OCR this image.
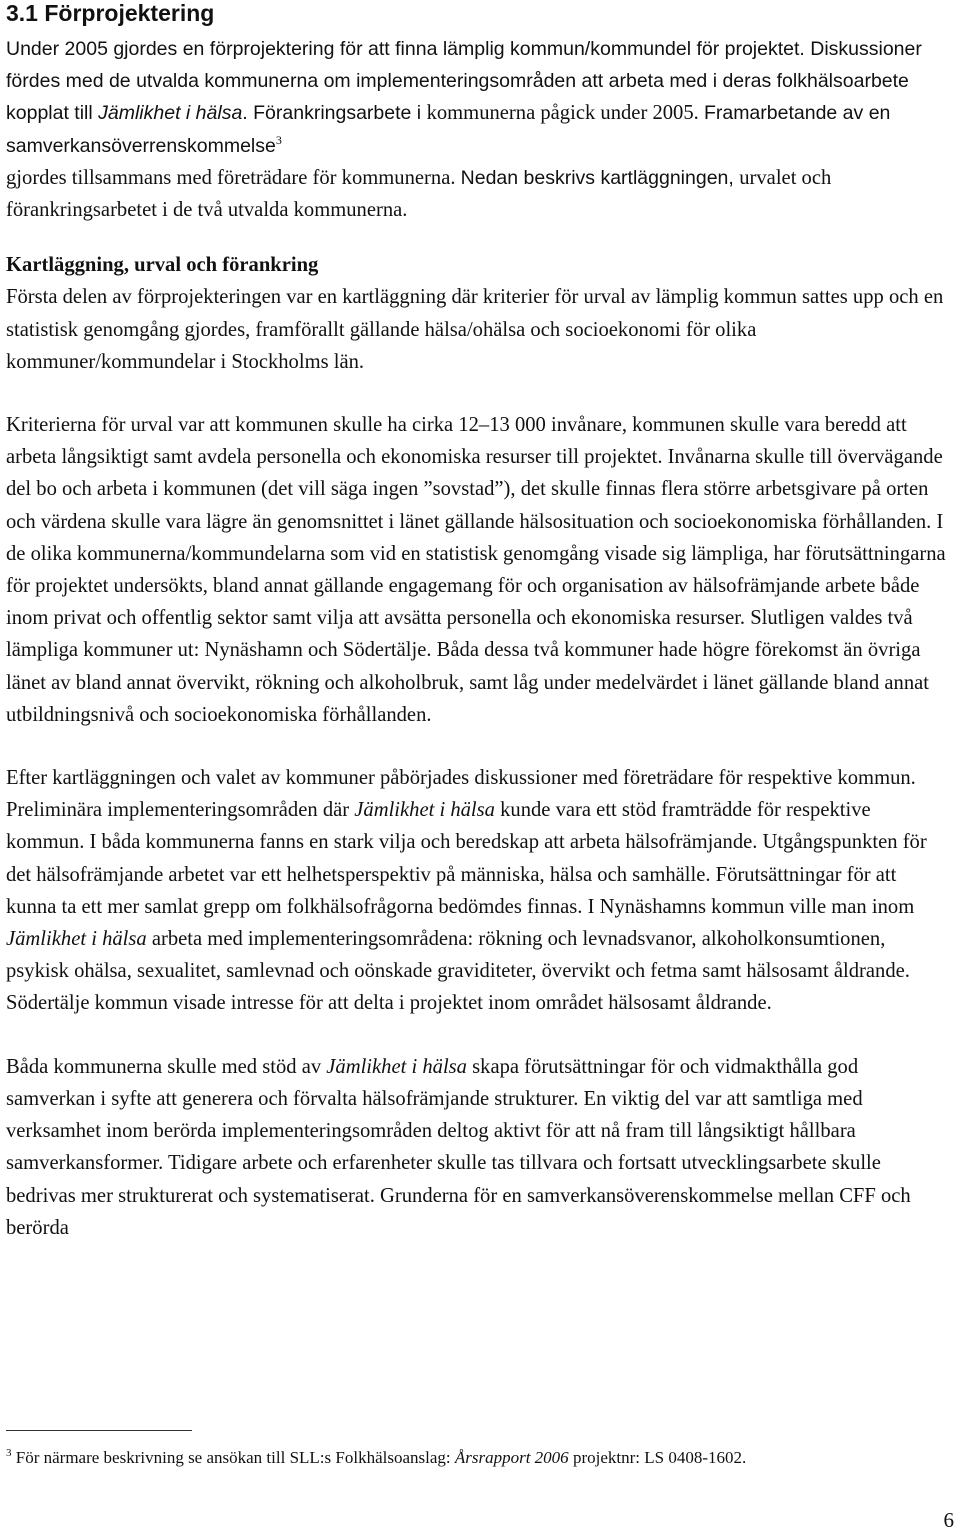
3.1 Förprojektering

Under 2005 gjordes en förprojektering för att finna lämplig kommun/kommundel för projektet. Diskussioner fördes med de utvalda kommunerna om implementeringsområden att arbeta med i deras folkhälsoarbete kopplat till Jämlikhet i hälsa. Förankringsarbete i kommunerna pågick under 2005. Framarbetande av en samverkansöverrenskommelse$^3$
gjordes tillsammans med företrädare för kommunerna. Nedan beskrivs kartläggningen, urvalet och förankringsarbetet i de två utvalda kommunerna.

Kartläggning, urval och förankring

Första delen av förprojekteringen var en kartläggning där kriterier för urval av lämplig kommun sattes upp och en statistisk genomgång gjordes, framförallt gällande hälsa/ohälsa och socioekonomi för olika kommuner/kommundelar i Stockholms län.

Kriterierna för urval var att kommunen skulle ha cirka 12–13 000 invånare, kommunen skulle vara beredd att arbeta långsiktigt samt avdela personella och ekonomiska resurser till projektet. Invånarna skulle till övervägande del bo och arbeta i kommunen (det vill säga ingen ”sovstad”), det skulle finnas flera större arbetsgivare på orten och värdena skulle vara lägre än genomsnittet i länet gällande hälsosituation och socioekonomiska förhållanden. I de olika kommunerna/kommundelarna som vid en statistisk genomgång visade sig lämpliga, har förutsättningarna för projektet undersökts, bland annat gällande engagemang för och organisation av hälsofrämjande arbete både inom privat och offentlig sektor samt vilja att avsätta personella och ekonomiska resurser. Slutligen valdes två lämpliga kommuner ut: Nynäshamn och Södertälje. Båda dessa två kommuner hade högre förekomst än övriga länet av bland annat övervikt, rökning och alkoholbruk, samt låg under medelvärdet i länet gällande bland annat utbildningsnivå och socioekonomiska förhållanden.

Efter kartläggningen och valet av kommuner påbörjades diskussioner med företrädare för respektive kommun. Preliminära implementeringsområden där Jämlikhet i hälsa kunde vara ett stöd framträdde för respektive kommun. I båda kommunerna fanns en stark vilja och beredskap att arbeta hälsofrämjande. Utgångspunkten för det hälsofrämjande arbetet var ett helhetsperspektiv på människa, hälsa och samhälle. Förutsättningar för att kunna ta ett mer samlat grepp om folkhälsofrågorna bedömdes finnas. I Nynäshamns kommun ville man inom Jämlikhet i hälsa arbeta med implementeringsområdena: rökning och levnadsvanor, alkoholkonsumtionen, psykisk ohälsa, sexualitet, samlevnad och oönskade graviditeter, övervikt och fetma samt hälsosamt åldrande. Södertälje kommun visade intresse för att delta i projektet inom området hälsosamt åldrande.

Båda kommunerna skulle med stöd av Jämlikhet i hälsa skapa förutsättningar för och vidmakthålla god samverkan i syfte att generera och förvalta hälsofrämjande strukturer. En viktig del var att samtliga med verksamhet inom berörda implementeringsområden deltog aktivt för att nå fram till långsiktigt hållbara samverkansformer. Tidigare arbete och erfarenheter skulle tas tillvara och fortsatt utvecklingsarbete skulle bedrivas mer strukturerat och systematiserat. Grunderna för en samverkansöverenskommelse mellan CFF och berörda

$^3$ För närmare beskrivning se ansökan till SLL:s Folkhälsoanslag: Årsrapport 2006 projektnr: LS 0408-1602.
6
